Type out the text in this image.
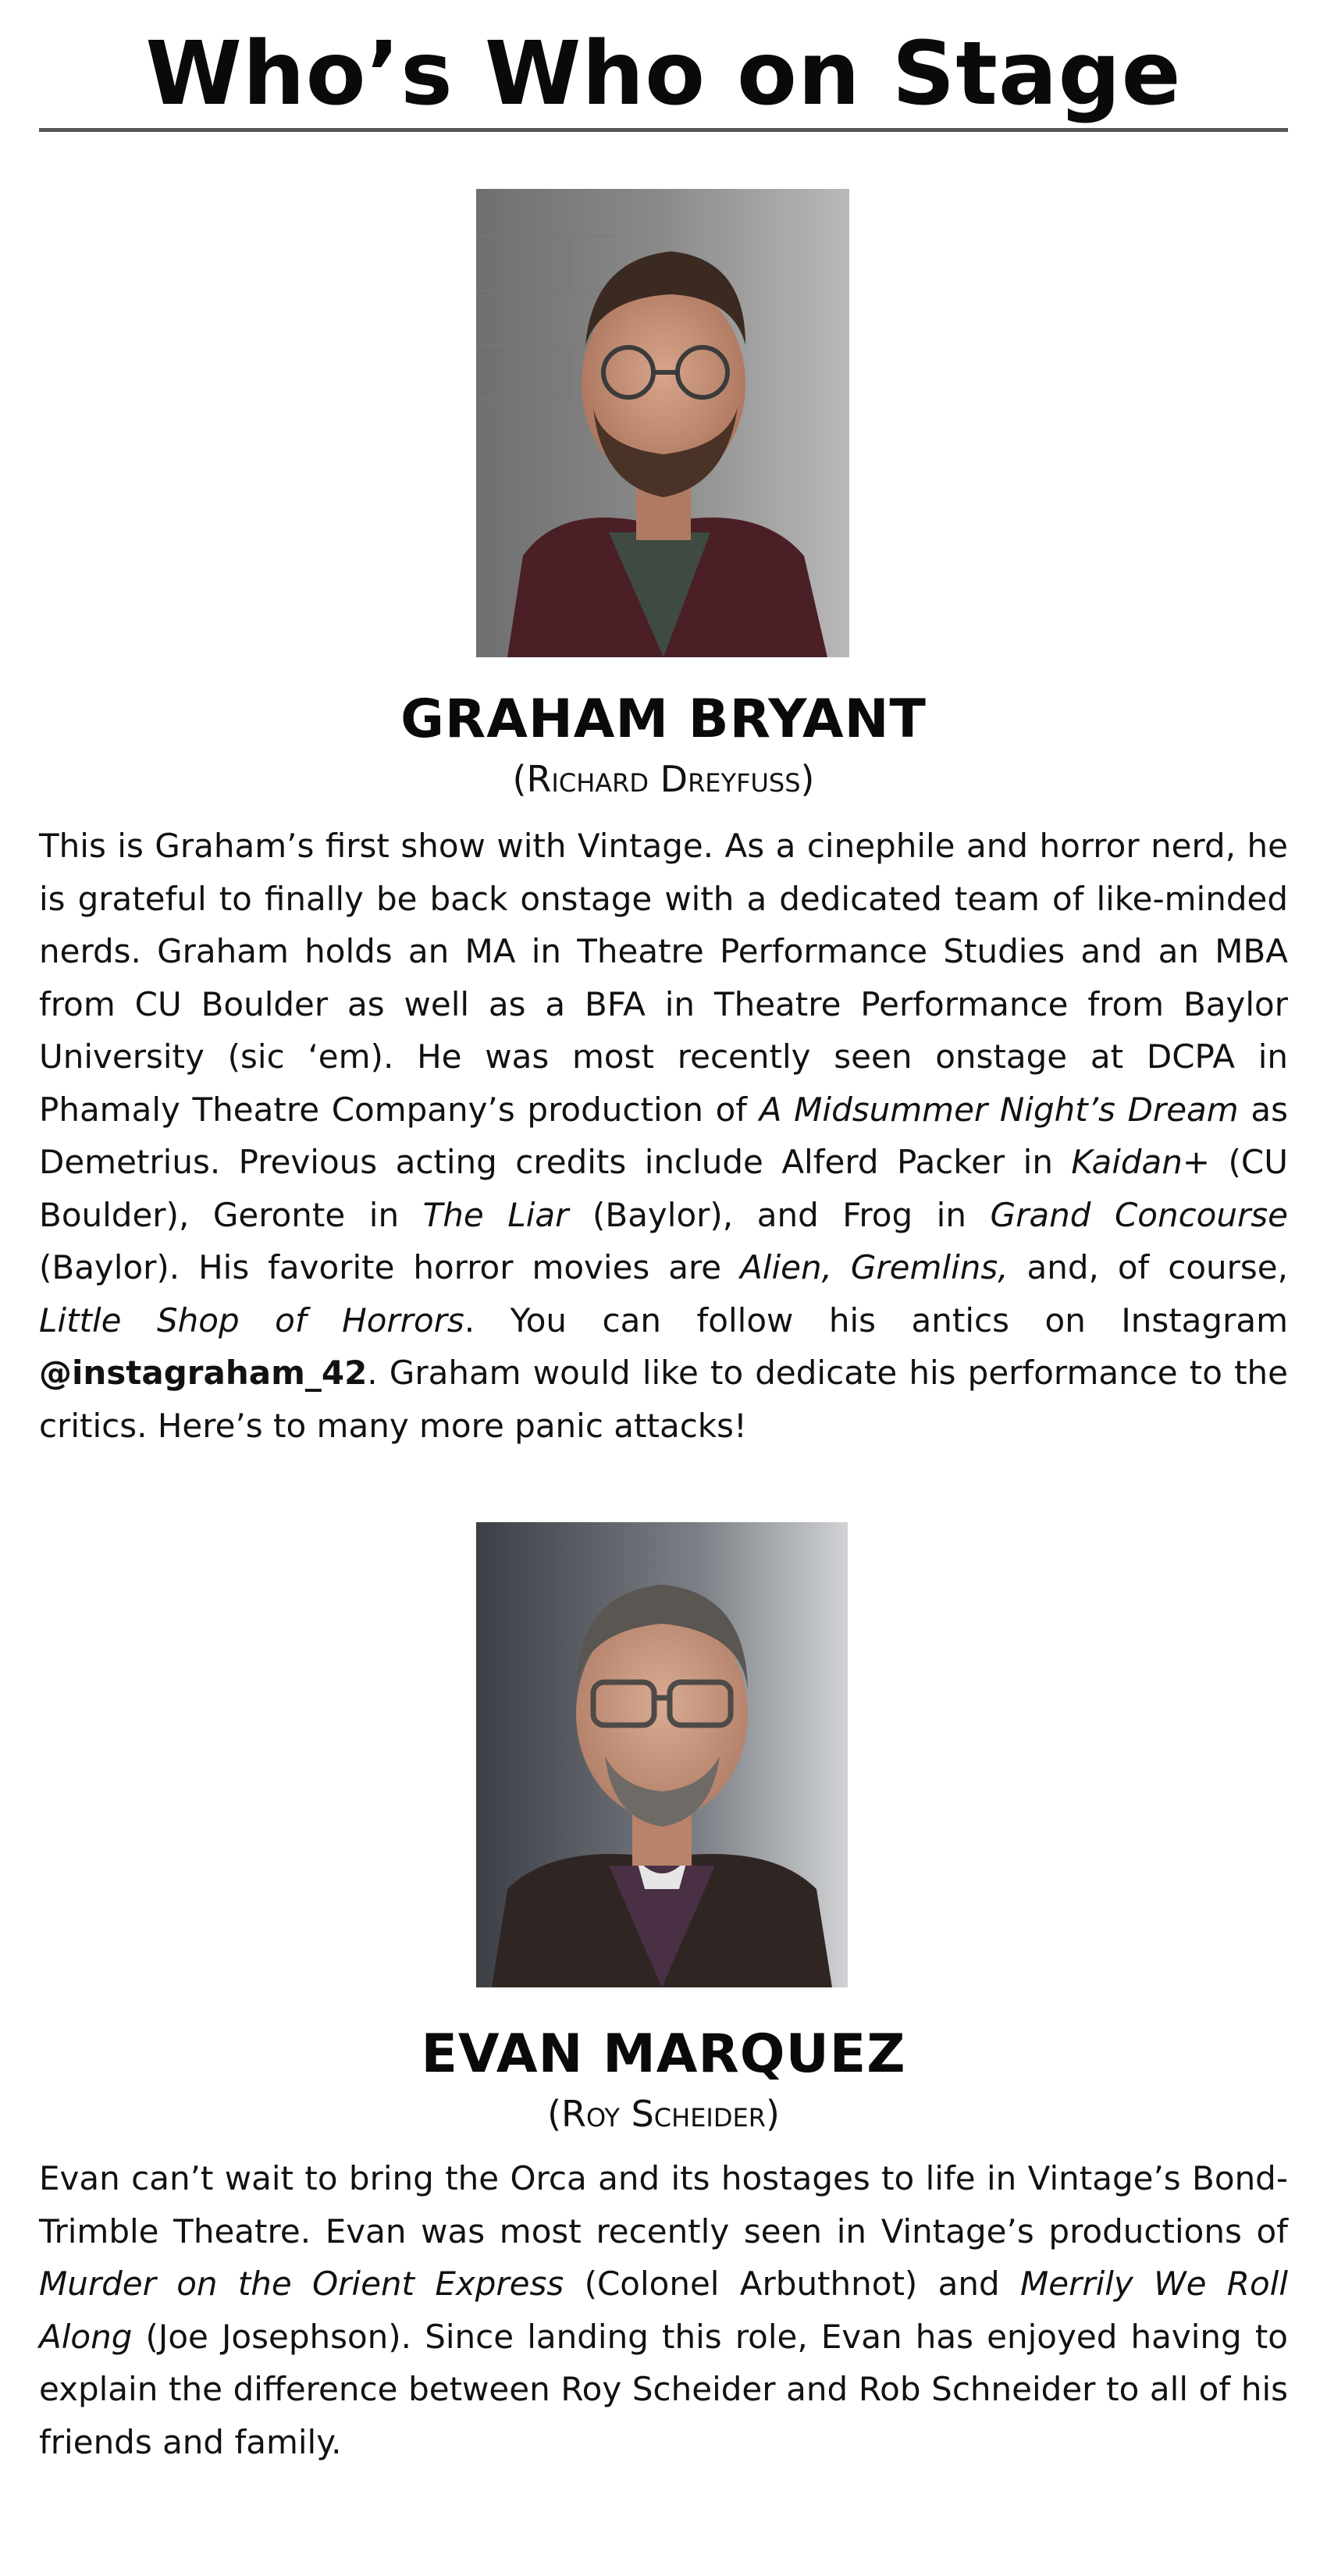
Who’s Who on Stage
GRAHAM BRYANT
(Richard Dreyfuss)

This is Graham’s first show with Vintage. As a cinephile and horror nerd, he is grateful to finally be back onstage with a dedicated team of like-minded nerds. Graham holds an MA in Theatre Performance Studies and an MBA from CU Boulder as well as a BFA in Theatre Performance from Baylor University (sic ‘em). He was most recently seen onstage at DCPA in Phamaly Theatre Company’s production of A Midsummer Night’s Dream as Demetrius. Previous acting credits include Alferd Packer in Kaidan+ (CU Boulder), Geronte in The Liar (Baylor), and Frog in Grand Concourse (Baylor). His favorite horror movies are Alien, Gremlins, and, of course, Little Shop of Horrors. You can follow his antics on Instagram @instagraham_42. Graham would like to dedicate his performance to the critics. Here’s to many more panic attacks!

EVAN MARQUEZ
(Roy Scheider)

Evan can’t wait to bring the Orca and its hostages to life in Vintage’s Bond-Trimble Theatre. Evan was most recently seen in Vintage’s productions of Murder on the Orient Express (Colonel Arbuthnot) and Merrily We Roll Along (Joe Josephson). Since landing this role, Evan has enjoyed having to explain the difference between Roy Scheider and Rob Schneider to all of his friends and family.
